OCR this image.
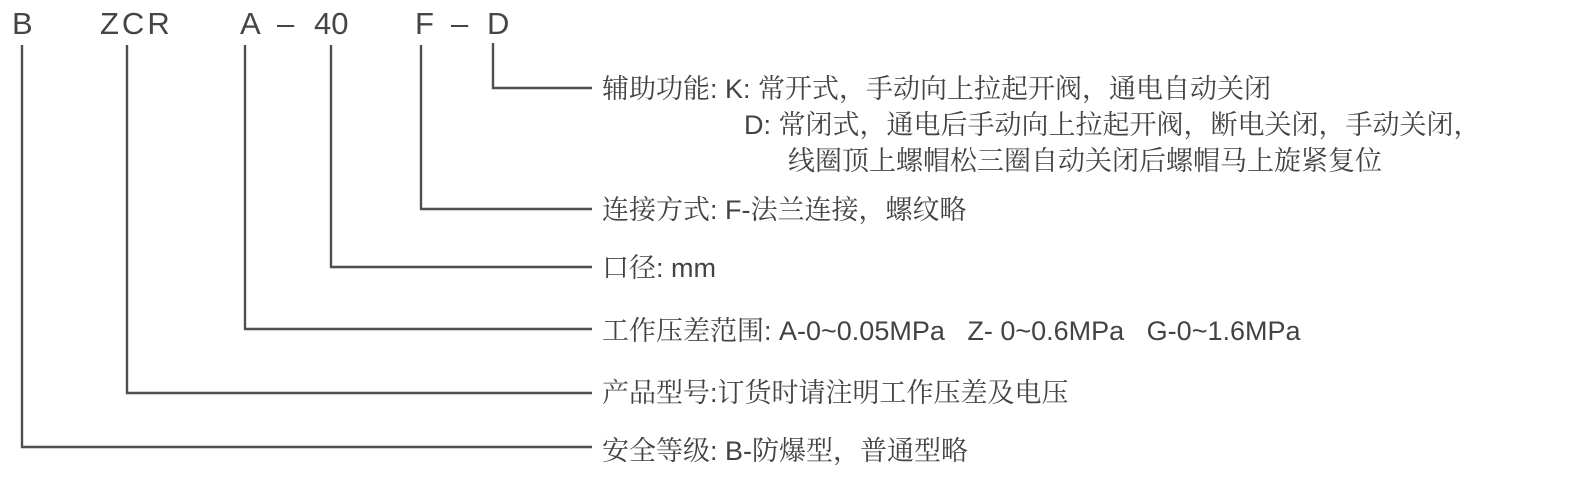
B ZCR A – 40 F – D
辅助功能: K: 常开式，手动向上拉起开阀，通电自动关闭
D: 常闭式，通电后手动向上拉起开阀，断电关闭，手动关闭，
线圈顶上螺帽松三圈自动关闭后螺帽马上旋紧复位
连接方式: F-法兰连接，螺纹略
口径: mm
工作压差范围: A-0~0.05MPa   Z- 0~0.6MPa   G-0~1.6MPa
产品型号:订货时请注明工作压差及电压
安全等级: B-防爆型，普通型略
